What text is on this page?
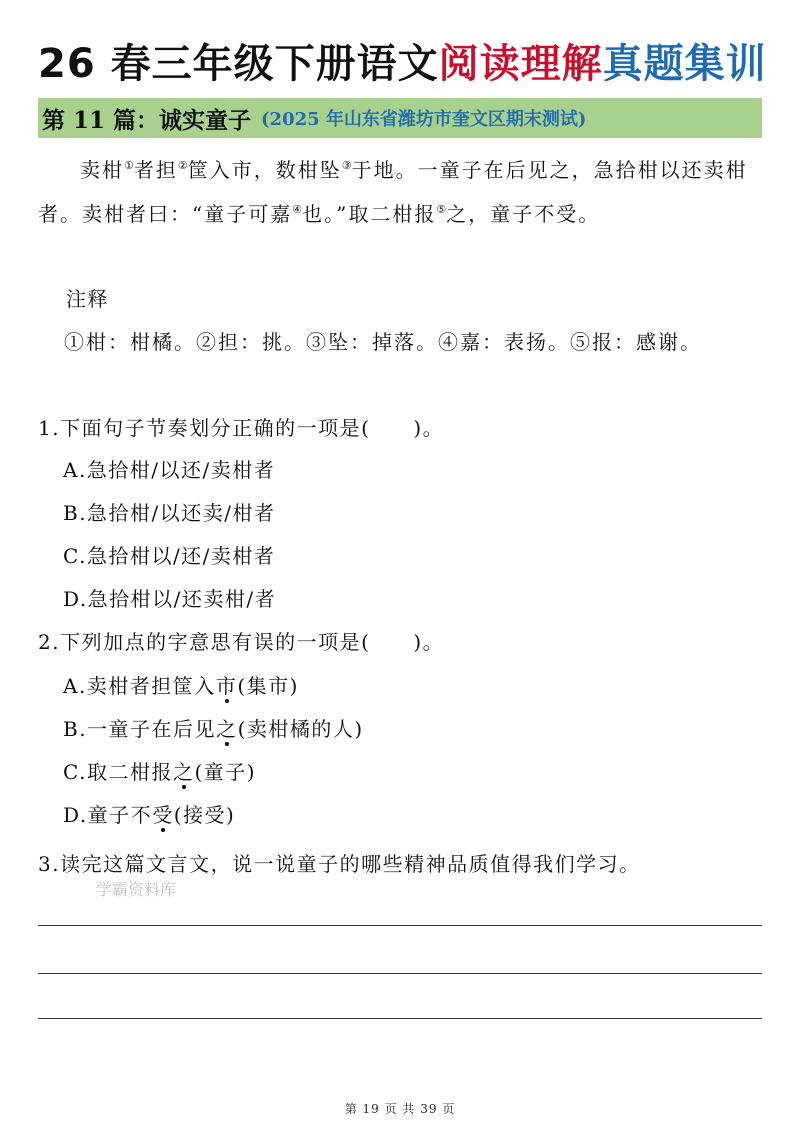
26 春三年级下册语文阅读理解真题集训
第 11 篇：诚实童子 (2025 年山东省潍坊市奎文区期末测试)
卖柑①者担②筐入市，数柑坠③于地。一童子在后见之，急拾柑以还卖柑者。卖柑者曰：“童子可嘉④也。”取二柑报⑤之，童子不受。
注释
①柑：柑橘。②担：挑。③坠：掉落。④嘉：表扬。⑤报：感谢。
1.下面句子节奏划分正确的一项是(　　)。
A.急拾柑/以还/卖柑者
B.急拾柑/以还卖/柑者
C.急拾柑以/还/卖柑者
D.急拾柑以/还卖柑/者
2.下列加点的字意思有误的一项是(　　)。
A.卖柑者担筐入市(集市)
B.一童子在后见之(卖柑橘的人)
C.取二柑报之(童子)
D.童子不受(接受)
3.读完这篇文言文，说一说童子的哪些精神品质值得我们学习。
学霸资料库
第 19 页 共 39 页
